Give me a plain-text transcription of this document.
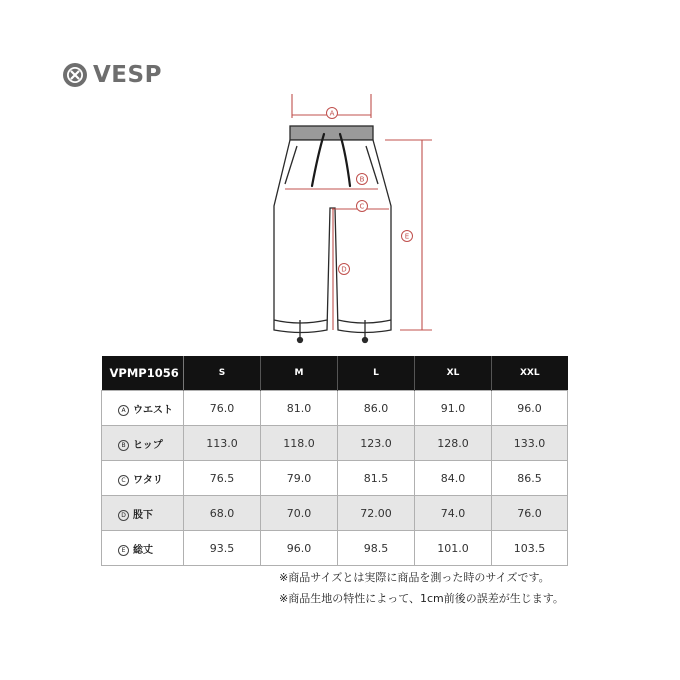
VESP
A
B
C
D
E
VPMP1056	S	M	L	XL	XXL
A ウエスト	76.0	81.0	86.0	91.0	96.0
B ヒップ	113.0	118.0	123.0	128.0	133.0
C ワタリ	76.5	79.0	81.5	84.0	86.5
D 股下	68.0	70.0	72.00	74.0	76.0
E 総丈	93.5	96.0	98.5	101.0	103.5
※商品サイズとは実際に商品を測った時のサイズです。
※商品生地の特性によって、1cm前後の誤差が生じます。
